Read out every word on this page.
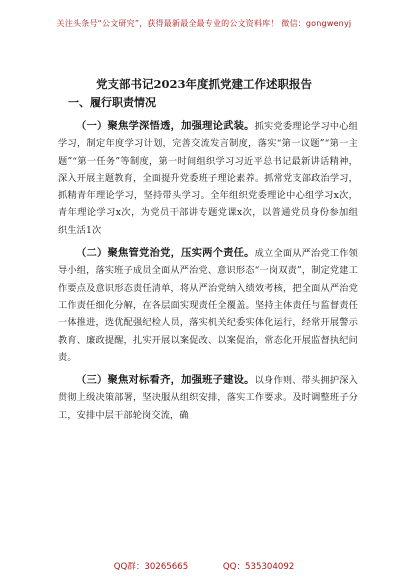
关注头条号“公文研究”，获得最新最全最专业的公文资料库！ 微信：gongwenyj
党支部书记2023年度抓党建工作述职报告
一、履行职责情况

（一）聚焦学深悟透，加强理论武装。抓实党委理论学习中心组学习，制定年度学习计划，完善交流发言制度，落实“第一议题”“第一主题”“第一任务”等制度，第一时间组织学习习近平总书记最新讲话精神，深入开展主题教育，全面提升党委班子理论素养。抓常党支部政治学习，抓精青年理论学习，坚持带头学习。全年组织党委理论中心组学习x次，青年理论学习x次，为党员干部讲专题党课x次，以普通党员身份参加组织生活1次

（二）聚焦管党治党，压实两个责任。成立全面从严治党工作领导小组，落实班子成员全面从严治党、意识形态“一岗双责”，制定党建工作要点及意识形态责任清单，将从严治党纳入绩效考核，把全面从严治党工作责任细化分解，在各层面实现责任全覆盖。坚持主体责任与监督责任一体推进，选优配强纪检人员，落实机关纪委实体化运行，经常开展警示教育、廉政提醒，扎实开展以案促改、以案促治，常态化开展监督执纪问责。

（三）聚焦对标看齐，加强班子建设。以身作则、带头拥护深入贯彻上级决策部署，坚决服从组织安排，落实工作要求。及时调整班子分工，安排中层干部轮岗交流，确

QQ群：30265665	QQ：535304092
